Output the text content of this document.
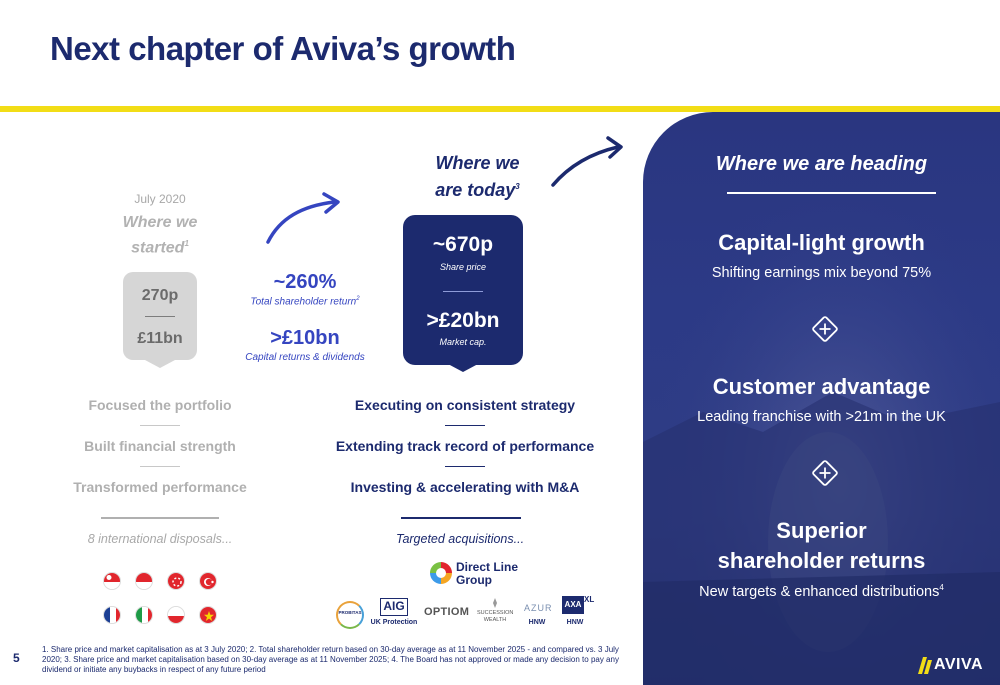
Next chapter of Aviva’s growth
July 2020
Where we
started$^1$
270p
£11bn
Focused the portfolio
Built financial strength
Transformed performance
8 international disposals...
~260%
Total shareholder return$^2$
>£10bn
Capital returns & dividends
Where we
are today$^3$
~670p
Share price
>£20bn
Market cap.
Executing on consistent strategy
Extending track record of performance
Investing & accelerating with M&A
Targeted acquisitions...
Direct Line
Group
PROBITAS AIG
UK Protection
OPTIOM SUCCESSION
WEALTH
AZUR
HNW
AXA
XL
HNW
Where we are heading
Capital-light growth
Shifting earnings mix beyond 75%
Customer advantage
Leading franchise with >21m in the UK
Superior
shareholder returns
New targets & enhanced distributions$^4$
5
1. Share price and market capitalisation as at 3 July 2020; 2. Total shareholder return based on 30-day average as at 11 November 2025 - and compared vs. 3 July 2020; 3. Share price and market capitalisation based on 30-day average as at 11 November 2025; 4. The Board has not approved or made any decision to pay any dividend or initiate any buybacks in respect of any future period	AVIVA
